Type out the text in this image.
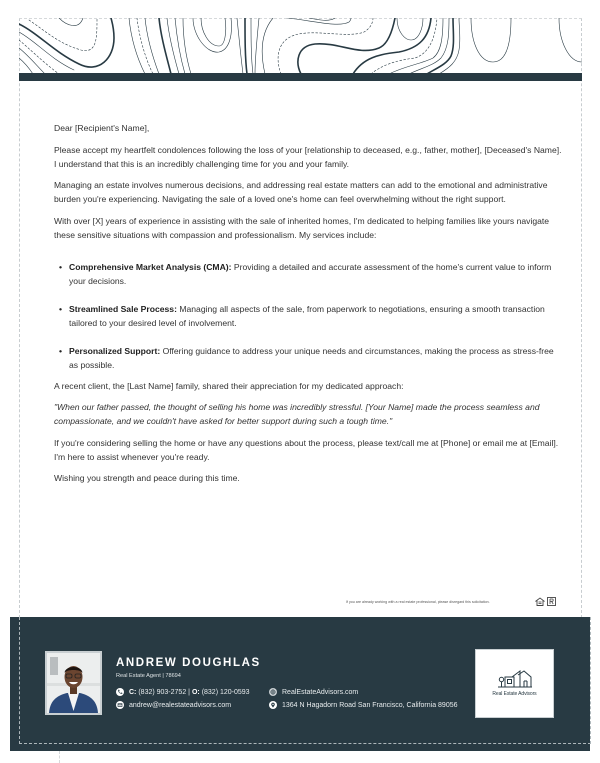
Dear [Recipient's Name],

Please accept my heartfelt condolences following the loss of your [relationship to deceased, e.g., father, mother], [Deceased's Name]. I understand that this is an incredibly challenging time for you and your family.

Managing an estate involves numerous decisions, and addressing real estate matters can add to the emotional and administrative burden you're experiencing. Navigating the sale of a loved one's home can feel overwhelming without the right support.

With over [X] years of experience in assisting with the sale of inherited homes, I'm dedicated to helping families like yours navigate these sensitive situations with compassion and professionalism. My services include:

• Comprehensive Market Analysis (CMA): Providing a detailed and accurate assessment of the home's current value to inform your decisions.
• Streamlined Sale Process: Managing all aspects of the sale, from paperwork to negotiations, ensuring a smooth transaction tailored to your desired level of involvement.
• Personalized Support: Offering guidance to address your unique needs and circumstances, making the process as stress-free as possible.

A recent client, the [Last Name] family, shared their appreciation for my dedicated approach:

"When our father passed, the thought of selling his home was incredibly stressful. [Your Name] made the process seamless and compassionate, and we couldn't have asked for better support during such a tough time."

If you're considering selling the home or have any questions about the process, please text/call me at [Phone] or email me at [Email]. I'm here to assist whenever you're ready.

Wishing you strength and peace during this time.

If you are already working with a real estate professional, please disregard this solicitation.
ANDREW DOUGHLAS
Real Estate Agent | 78694
C:
(832) 903-2752
|
O:
(832) 120-0593
andrew@realestateadvisors.com
RealEstateAdvisors.com
1364 N Hagadorn Road San Francisco, California 89056
Real Estate Advisors
